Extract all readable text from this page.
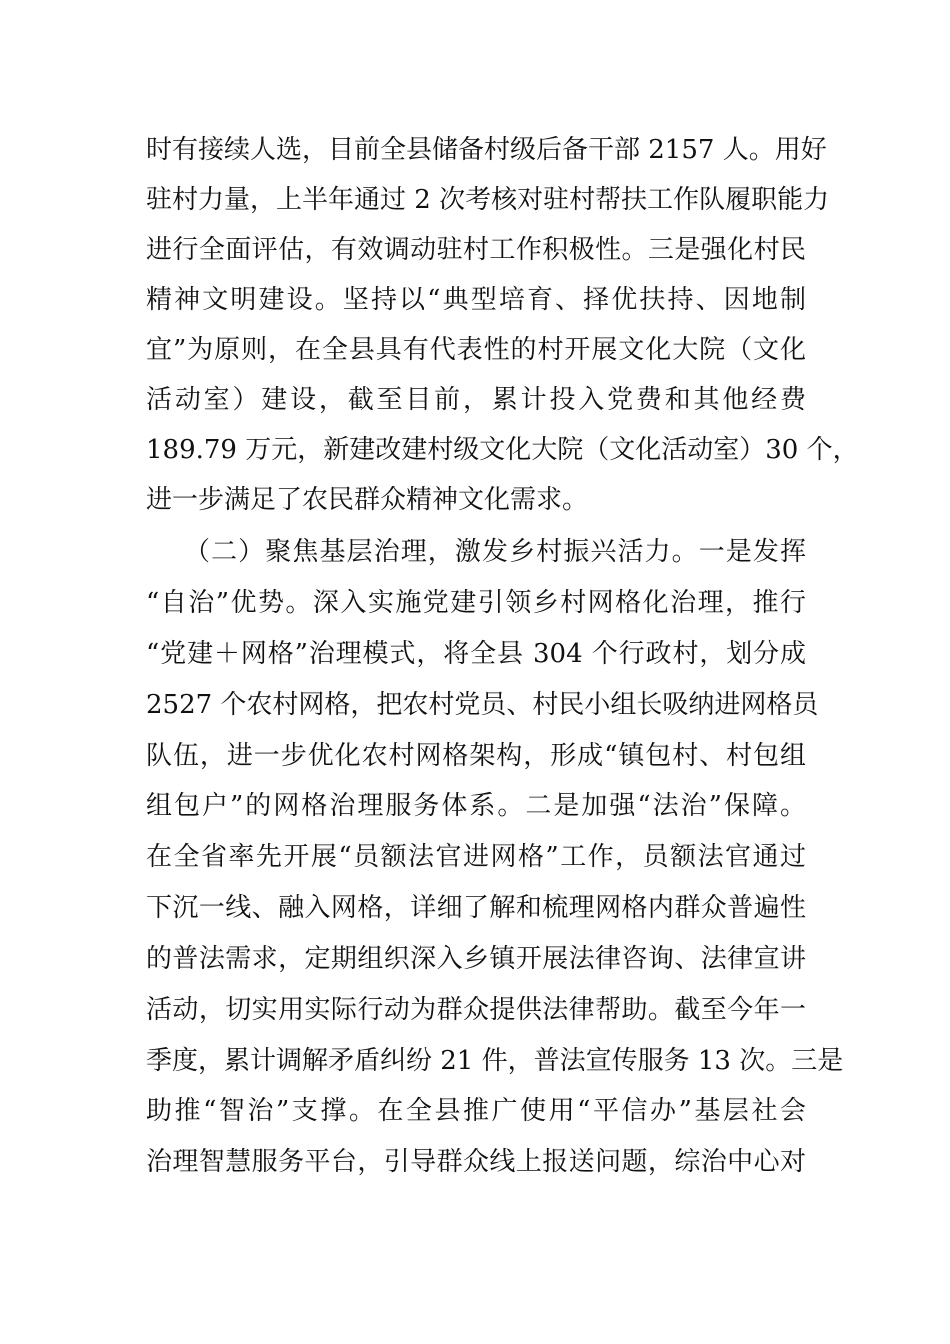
时有接续人选，目前全县储备村级后备干部 2157 人。用好
驻村力量，上半年通过 2 次考核对驻村帮扶工作队履职能力
进行全面评估，有效调动驻村工作积极性。三是强化村民
精神文明建设。坚持以“典型培育、择优扶持、因地制
宜”为原则，在全县具有代表性的村开展文化大院（文化
活动室）建设，截至目前，累计投入党费和其他经费
189.79 万元，新建改建村级文化大院（文化活动室）30 个，
进一步满足了农民群众精神文化需求。
（二）聚焦基层治理，激发乡村振兴活力。一是发挥
“自治”优势。深入实施党建引领乡村网格化治理，推行
“党建＋网格”治理模式，将全县 304 个行政村，划分成
2527 个农村网格，把农村党员、村民小组长吸纳进网格员
队伍，进一步优化农村网格架构，形成“镇包村、村包组
组包户”的网格治理服务体系。二是加强“法治”保障。
在全省率先开展“员额法官进网格”工作，员额法官通过
下沉一线、融入网格，详细了解和梳理网格内群众普遍性
的普法需求，定期组织深入乡镇开展法律咨询、法律宣讲
活动，切实用实际行动为群众提供法律帮助。截至今年一
季度，累计调解矛盾纠纷 21 件，普法宣传服务 13 次。三是
助推“智治”支撑。在全县推广使用“平信办”基层社会
治理智慧服务平台，引导群众线上报送问题，综治中心对
